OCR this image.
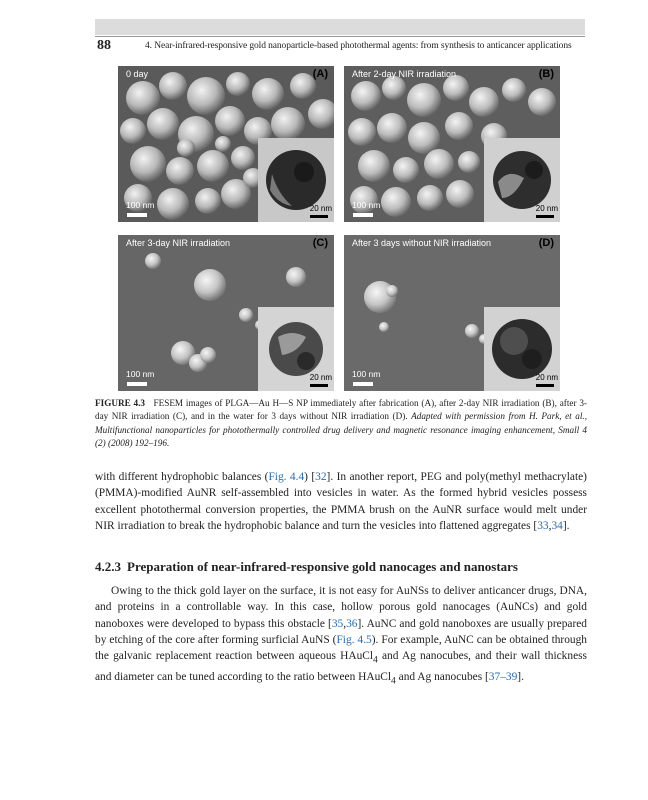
88	4. Near-infrared-responsive gold nanoparticle-based photothermal agents: from synthesis to anticancer applications
0 day	(A)
100 nm	20 nm
After 2-day NIR irradiation	(B)
100 nm	20 nm
After 3-day NIR irradiation	(C)
100 nm	20 nm
After 3 days without NIR irradiation	(D)
100 nm	20 nm
FIGURE 4.3 FESEM images of PLGA—Au H—S NP immediately after fabrication (A), after 2-day NIR irradiation (B), after 3-day NIR irradiation (C), and in the water for 3 days without NIR irradiation (D). Adapted with permission from H. Park, et al., Multifunctional nanoparticles for photothermally controlled drug delivery and magnetic resonance imaging enhancement, Small 4 (2) (2008) 192–196.
with different hydrophobic balances (Fig. 4.4) [32]. In another report, PEG and poly(methyl methacrylate) (PMMA)-modified AuNR self-assembled into vesicles in water. As the formed hybrid vesicles possess excellent photothermal conversion properties, the PMMA brush on the AuNR surface would melt under NIR irradiation to break the hydrophobic balance and turn the vesicles into flattened aggregates [33,34].
4.2.3 Preparation of near-infrared-responsive gold nanocages and nanostars
Owing to the thick gold layer on the surface, it is not easy for AuNSs to deliver anticancer drugs, DNA, and proteins in a controllable way. In this case, hollow porous gold nanocages (AuNCs) and gold nanoboxes were developed to bypass this obstacle [35,36]. AuNC and gold nanoboxes are usually prepared by etching of the core after forming surficial AuNS (Fig. 4.5). For example, AuNC can be obtained through the galvanic replacement reaction between aqueous HAuCl$_4$ and Ag nanocubes, and their wall thickness and diameter can be tuned according to the ratio between HAuCl$_4$ and Ag nanocubes [37–39].
